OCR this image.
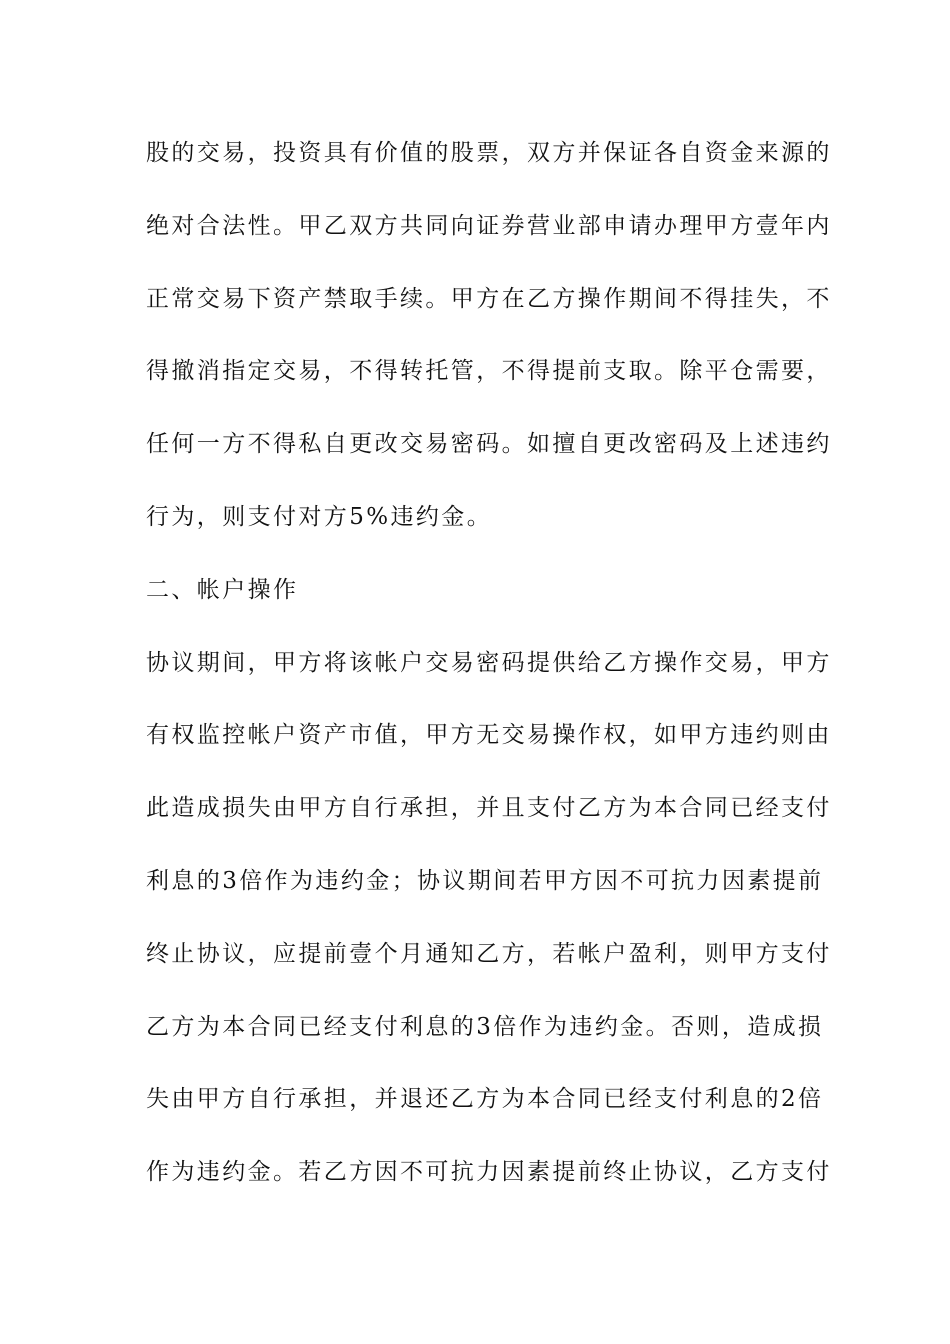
股的交易，投资具有价值的股票，双方并保证各自资金来源的
绝对合法性。甲乙双方共同向证券营业部申请办理甲方壹年内
正常交易下资产禁取手续。甲方在乙方操作期间不得挂失，不
得撤消指定交易，不得转托管，不得提前支取。除平仓需要，
任何一方不得私自更改交易密码。如擅自更改密码及上述违约
行为，则支付对方5%违约金。
二、帐户操作
协议期间，甲方将该帐户交易密码提供给乙方操作交易，甲方
有权监控帐户资产市值，甲方无交易操作权，如甲方违约则由
此造成损失由甲方自行承担，并且支付乙方为本合同已经支付
利息的3倍作为违约金；协议期间若甲方因不可抗力因素提前
终止协议，应提前壹个月通知乙方，若帐户盈利，则甲方支付
乙方为本合同已经支付利息的3倍作为违约金。否则，造成损
失由甲方自行承担，并退还乙方为本合同已经支付利息的2倍
作为违约金。若乙方因不可抗力因素提前终止协议，乙方支付
